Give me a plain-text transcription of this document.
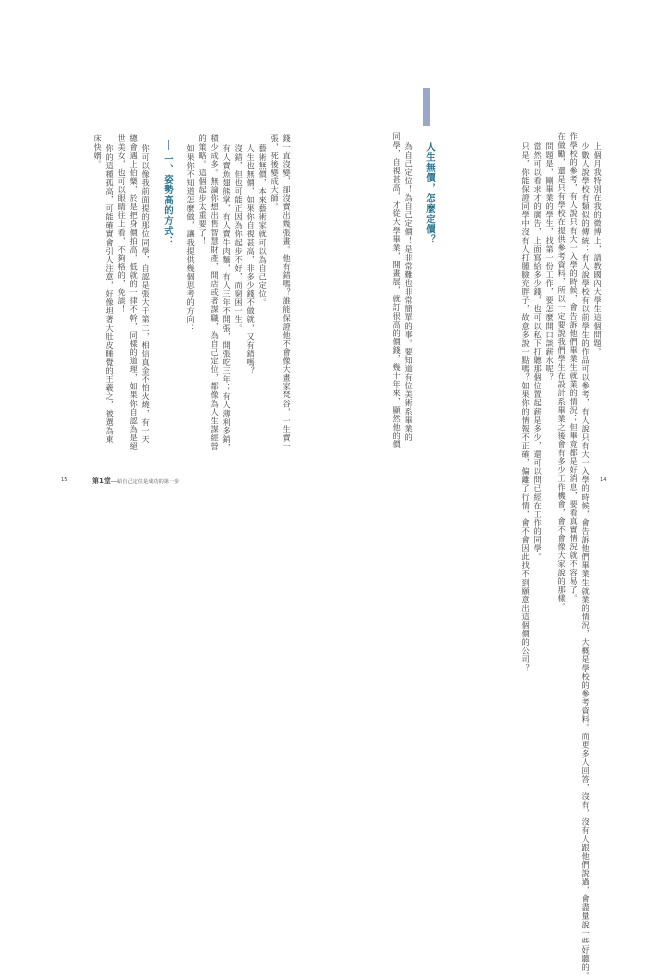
錢一直沒變，卻沒賣出幾張畫。他有錯嗎？誰能保證他不會像大畫家梵谷，一生賣一
張，死後變成大師。
藝術無價，本來藝術家就可以為自己定位。
人生也無價，如果你自視甚高，非多少錢不做就，又有錯嗎？
沒錯，但也可能正因為你起步不好，而窮困一生。
有人賣魚翅熊掌，有人賣牛肉麵，有人三年不開張，開張吃三年；有人薄利多銷，
積少成多。無論你想出售智慧財產，開店或者謀職，為自己定位，都像為人生謀經營
的策略。這個起步太重要了！
如果你不知道怎麼做，讓我提供幾個思考的方向：
一、姿勢高的方式：
你可以像我前面提的那位同學，自認是張大千第二，相信真金不怕火燒，有一天
總會遇上伯樂，於是把身價拍高，低就的一律不幹，同樣的道理，如果你自認為是絕
世美女，也可以眼睛往上看，不夠格的，免談！
你的這種孤高，可能確實會引人注意，好像坦著大肚皮睡覺的王羲之，被選為東
床快婿。
15	第1堂──給自己定位是成功的第一步
上個月我特別在我的微博上，請教國內大學生這個問題。
少數人說學校有類似的傳統：有人說學校有以前學生的作品可以參考，有人說只有大一入學的時候，會告訴他們畢業生就業的情況，大概是學校的參考資料。而更多人回答，沒有，沒有人跟他們說過，會盡量說一些好聽的。
作學校的參考，有人說只有大一入學的時候，會告訴他們畢業生就業的情況；但畢竟都是好消息，要看真實情況就不容易了。
在做勵，還是只有學校在提供參考資料，所以一定要說我們學生在設計系畢業之後會有多少工作機會，會不會像大家說的那樣。
問題是，剛畢業的學生，找第一份工作，要怎麼開口談薪水呢？
當然可以看求才的廣告，上面寫給多少錢，也可以私下打聽那個位置起薪是多少，還可以問已經在工作的同學。
只是，你能保證同學中沒有人打腫臉充胖子，故意多說一點嗎？如果你的情報不正確，偏離了行情，會不會因此找不到願意出這個價的公司？
人生無價，怎麼定價？
為自己定位！為自己定價！是非常難也非常簡單的事。要知道有位美術系畢業的
同學，自視甚高，才從大學畢業，開畫展，就訂很高的價錢，幾十年來，顯然他的價
14
